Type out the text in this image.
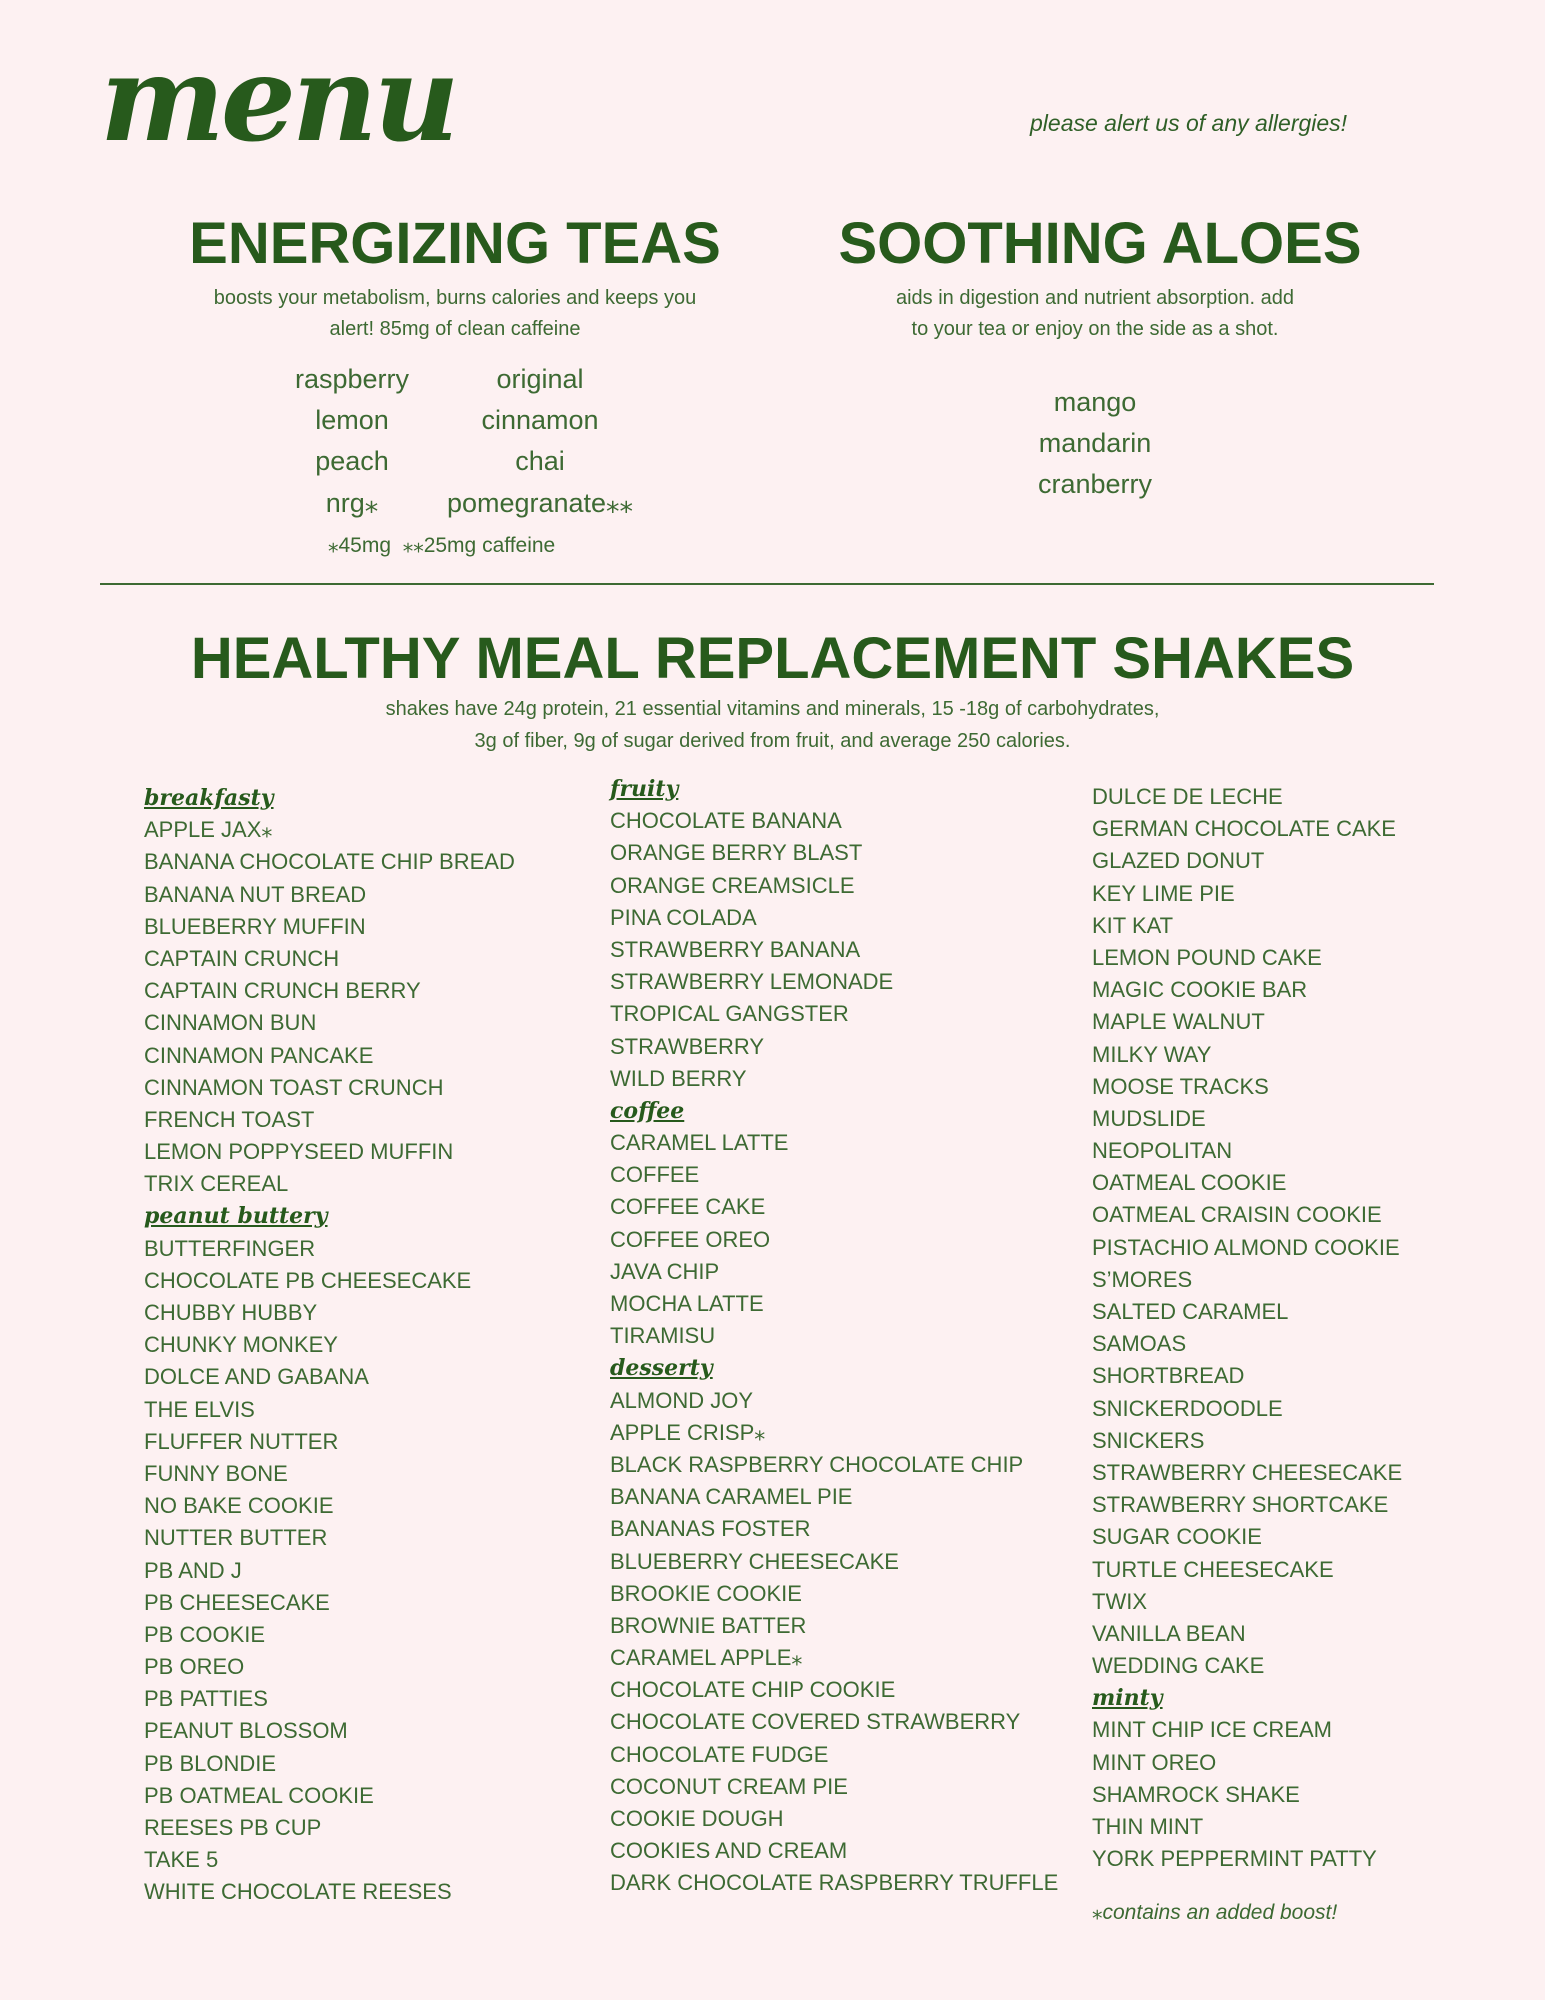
menu	please alert us of any allergies!
ENERGIZING TEAS
boosts your metabolism, burns calories and keeps you
alert! 85mg of clean caffeine
raspberry
lemon
peach
nrg⁎
original
cinnamon
chai
pomegranate⁎⁎
⁎45mg  ⁎⁎25mg caffeine
SOOTHING ALOES
aids in digestion and nutrient absorption. add
to your tea or enjoy on the side as a shot.
mango
mandarin
cranberry
HEALTHY MEAL REPLACEMENT SHAKES
shakes have 24g protein, 21 essential vitamins and minerals, 15 -18g of carbohydrates,
3g of fiber, 9g of sugar derived from fruit, and average 250 calories.
breakfasty
APPLE JAX⁎
BANANA CHOCOLATE CHIP BREAD
BANANA NUT BREAD
BLUEBERRY MUFFIN
CAPTAIN CRUNCH
CAPTAIN CRUNCH BERRY
CINNAMON BUN
CINNAMON PANCAKE
CINNAMON TOAST CRUNCH
FRENCH TOAST
LEMON POPPYSEED MUFFIN
TRIX CEREAL
peanut buttery
BUTTERFINGER
CHOCOLATE PB CHEESECAKE
CHUBBY HUBBY
CHUNKY MONKEY
DOLCE AND GABANA
THE ELVIS
FLUFFER NUTTER
FUNNY BONE
NO BAKE COOKIE
NUTTER BUTTER
PB AND J
PB CHEESECAKE
PB COOKIE
PB OREO
PB PATTIES
PEANUT BLOSSOM
PB BLONDIE
PB OATMEAL COOKIE
REESES PB CUP
TAKE 5
WHITE CHOCOLATE REESES
fruity
CHOCOLATE BANANA
ORANGE BERRY BLAST
ORANGE CREAMSICLE
PINA COLADA
STRAWBERRY BANANA
STRAWBERRY LEMONADE
TROPICAL GANGSTER
STRAWBERRY
WILD BERRY
coffee
CARAMEL LATTE
COFFEE
COFFEE CAKE
COFFEE OREO
JAVA CHIP
MOCHA LATTE
TIRAMISU
desserty
ALMOND JOY
APPLE CRISP⁎
BLACK RASPBERRY CHOCOLATE CHIP
BANANA CARAMEL PIE
BANANAS FOSTER
BLUEBERRY CHEESECAKE
BROOKIE COOKIE
BROWNIE BATTER
CARAMEL APPLE⁎
CHOCOLATE CHIP COOKIE
CHOCOLATE COVERED STRAWBERRY
CHOCOLATE FUDGE
COCONUT CREAM PIE
COOKIE DOUGH
COOKIES AND CREAM
DARK CHOCOLATE RASPBERRY TRUFFLE
DULCE DE LECHE
GERMAN CHOCOLATE CAKE
GLAZED DONUT
KEY LIME PIE
KIT KAT
LEMON POUND CAKE
MAGIC COOKIE BAR
MAPLE WALNUT
MILKY WAY
MOOSE TRACKS
MUDSLIDE
NEOPOLITAN
OATMEAL COOKIE
OATMEAL CRAISIN COOKIE
PISTACHIO ALMOND COOKIE
S’MORES
SALTED CARAMEL
SAMOAS
SHORTBREAD
SNICKERDOODLE
SNICKERS
STRAWBERRY CHEESECAKE
STRAWBERRY SHORTCAKE
SUGAR COOKIE
TURTLE CHEESECAKE
TWIX
VANILLA BEAN
WEDDING CAKE
minty
MINT CHIP ICE CREAM
MINT OREO
SHAMROCK SHAKE
THIN MINT
YORK PEPPERMINT PATTY
⁎contains an added boost!
